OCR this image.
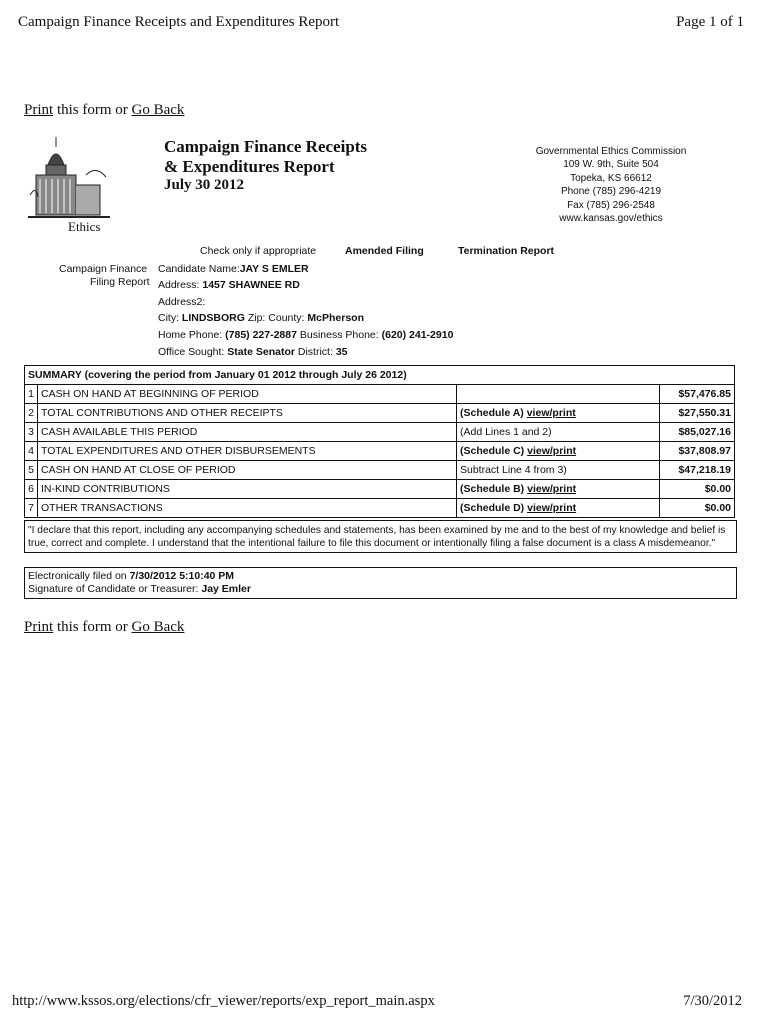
Campaign Finance Receipts and Expenditures Report	Page 1 of 1
Print this form or Go Back
Ethics
Campaign Finance Receipts
& Expenditures Report
July 30 2012
Governmental Ethics Commission
109 W. 9th, Suite 504
Topeka, KS 66612
Phone (785) 296-4219
Fax (785) 296-2548
www.kansas.gov/ethics
Check only if appropriate	Amended Filing	Termination Report
Campaign Finance
Filing Report
Candidate Name:JAY S EMLER
Address: 1457 SHAWNEE RD
Address2:
City: LINDSBORG Zip: County: McPherson
Home Phone: (785) 227-2887 Business Phone: (620) 241-2910
Office Sought: State Senator District: 35
SUMMARY (covering the period from January 01 2012 through July 26 2012)			
1	CASH ON HAND AT BEGINNING OF PERIOD		$57,476.85
2	TOTAL CONTRIBUTIONS AND OTHER RECEIPTS	(Schedule A) view/print	$27,550.31
3	CASH AVAILABLE THIS PERIOD	(Add Lines 1 and 2)	$85,027.16
4	TOTAL EXPENDITURES AND OTHER DISBURSEMENTS	(Schedule C) view/print	$37,808.97
5	CASH ON HAND AT CLOSE OF PERIOD	Subtract Line 4 from 3)	$47,218.19
6	IN-KIND CONTRIBUTIONS	(Schedule B) view/print	$0.00
7	OTHER TRANSACTIONS	(Schedule D) view/print	$0.00
"I declare that this report, including any accompanying schedules and statements, has been examined by me and to the best of my knowledge and belief is true, correct and complete. I understand that the intentional failure to file this document or intentionally filing a false document is a class A misdemeanor."
Electronically filed on 7/30/2012 5:10:40 PM
Signature of Candidate or Treasurer: Jay Emler
Print this form or Go Back
http://www.kssos.org/elections/cfr_viewer/reports/exp_report_main.aspx	7/30/2012
